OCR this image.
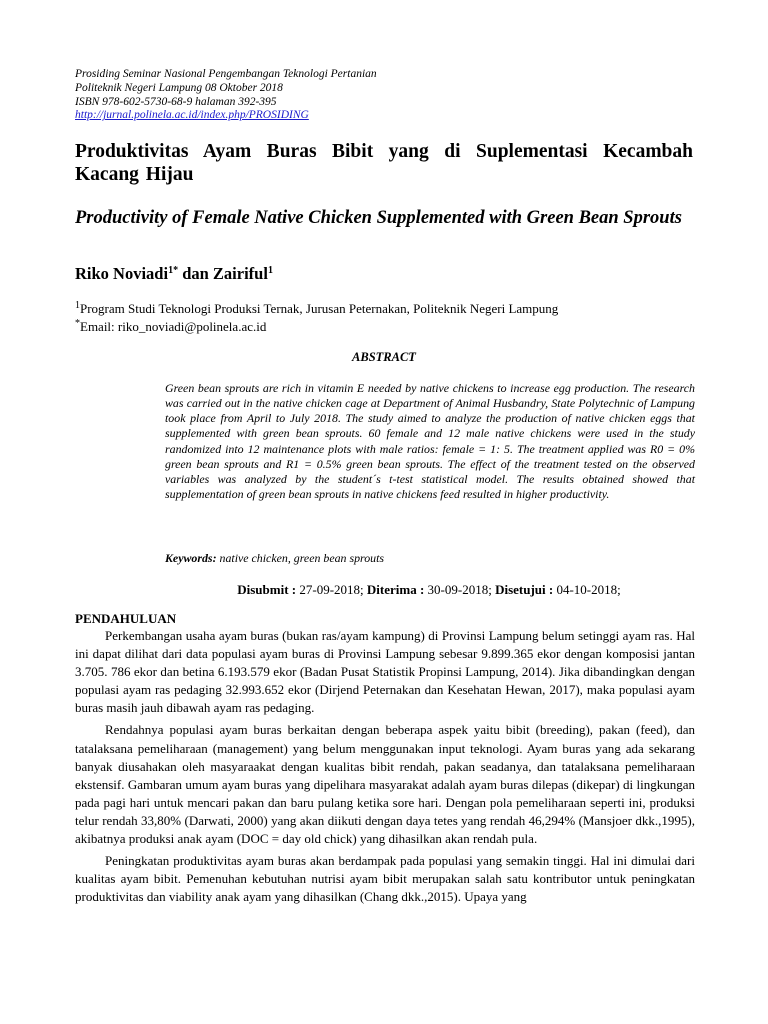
Prosiding Seminar Nasional Pengembangan Teknologi Pertanian
Politeknik Negeri Lampung 08 Oktober 2018
ISBN 978-602-5730-68-9 halaman 392-395
http://jurnal.polinela.ac.id/index.php/PROSIDING
Produktivitas Ayam Buras Bibit yang di Suplementasi Kecambah Kacang Hijau
Productivity of Female Native Chicken Supplemented with Green Bean Sprouts
Riko Noviadi$^{1*}$ dan Zairiful$^1$
$^1$Program Studi Teknologi Produksi Ternak, Jurusan Peternakan, Politeknik Negeri Lampung
*Email: riko_noviadi@polinela.ac.id
ABSTRACT
Green bean sprouts are rich in vitamin E needed by native chickens to increase egg production. The research was carried out in the native chicken cage at Department of Animal Husbandry, State Polytechnic of Lampung took place from April to July 2018. The study aimed to analyze the production of native chicken eggs that supplemented with green bean sprouts. 60 female and 12 male native chickens were used in the study randomized into 12 maintenance plots with male ratios: female = 1: 5. The treatment applied was R0 = 0% green bean sprouts and R1 = 0.5% green bean sprouts. The effect of the treatment tested on the observed variables was analyzed by the student´s t-test statistical model. The results obtained showed that supplementation of green bean sprouts in native chickens feed resulted in higher productivity.
Keywords: native chicken, green bean sprouts
Disubmit : 27-09-2018; Diterima : 30-09-2018; Disetujui : 04-10-2018;
PENDAHULUAN

Perkembangan usaha ayam buras (bukan ras/ayam kampung) di Provinsi Lampung belum setinggi ayam ras. Hal ini dapat dilihat dari data populasi ayam buras di Provinsi Lampung sebesar 9.899.365 ekor dengan komposisi jantan 3.705. 786 ekor dan betina 6.193.579 ekor (Badan Pusat Statistik Propinsi Lampung, 2014). Jika dibandingkan dengan populasi ayam ras pedaging 32.993.652 ekor (Dirjend Peternakan dan Kesehatan Hewan, 2017), maka populasi ayam buras masih jauh dibawah ayam ras pedaging.

Rendahnya populasi ayam buras berkaitan dengan beberapa aspek yaitu bibit (breeding), pakan (feed), dan tatalaksana pemeliharaan (management) yang belum menggunakan input teknologi. Ayam buras yang ada sekarang banyak diusahakan oleh masyaraakat dengan kualitas bibit rendah, pakan seadanya, dan tatalaksana pemeliharaan ekstensif. Gambaran umum ayam buras yang dipelihara masyarakat adalah ayam buras dilepas (dikepar) di lingkungan pada pagi hari untuk mencari pakan dan baru pulang ketika sore hari. Dengan pola pemeliharaan seperti ini, produksi telur rendah 33,80% (Darwati, 2000) yang akan diikuti dengan daya tetes yang rendah 46,294% (Mansjoer dkk.,1995), akibatnya produksi anak ayam (DOC = day old chick) yang dihasilkan akan rendah pula.

Peningkatan produktivitas ayam buras akan berdampak pada populasi yang semakin tinggi. Hal ini dimulai dari kualitas ayam bibit. Pemenuhan kebutuhan nutrisi ayam bibit merupakan salah satu kontributor untuk peningkatan produktivitas dan viability anak ayam yang dihasilkan (Chang dkk.,2015). Upaya yang
